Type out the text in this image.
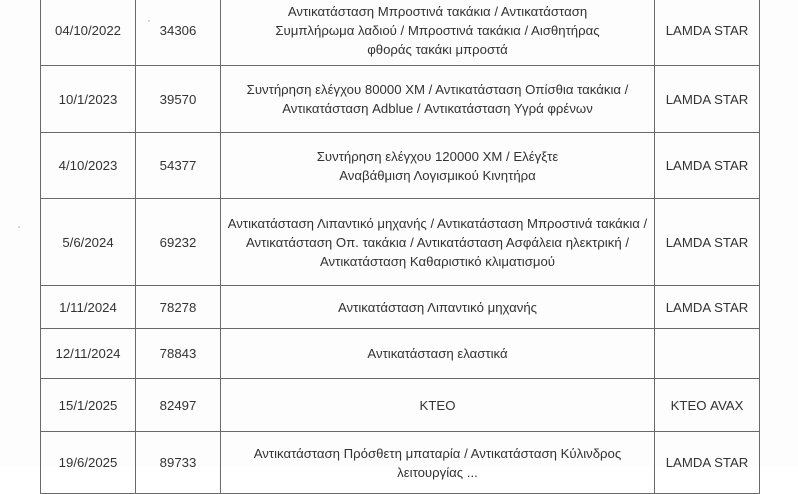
04/10/2022	34306	Αντικατάσταση Μπροστινά τακάκια / Αντικατάσταση Συμπλήρωμα λαδιού / Μπροστινά τακάκια / Αισθητήρας φθοράς τακάκι μπροστά	LAMDA STAR
10/1/2023	39570	Συντήρηση ελέγχου 80000 ΧΜ / Αντικατάσταση Οπίσθια τακάκια / Αντικατάσταση Adblue / Αντικατάσταση Υγρά φρένων	LAMDA STAR
4/10/2023	54377	Συντήρηση ελέγχου 120000 ΧΜ / Ελέγξτε Αναβάθμιση Λογισμικού Κινητήρα	LAMDA STAR
5/6/2024	69232	Αντικατάσταση Λιπαντικό μηχανής / Αντικατάσταση Μπροστινά τακάκια / Αντικατάσταση Οπ. τακάκια / Αντικατάσταση Ασφάλεια ηλεκτρική / Αντικατάσταση Καθαριστικό κλιματισμού	LAMDA STAR
1/11/2024	78278	Αντικατάσταση Λιπαντικό μηχανής	LAMDA STAR
12/11/2024	78843	Αντικατάσταση ελαστικά	
15/1/2025	82497	ΚΤΕΟ	ΚΤΕΟ AVAX
19/6/2025	89733	Αντικατάσταση Πρόσθετη μπαταρία / Αντικατάσταση Κύλινδρος λειτουργίας ...	LAMDA STAR
